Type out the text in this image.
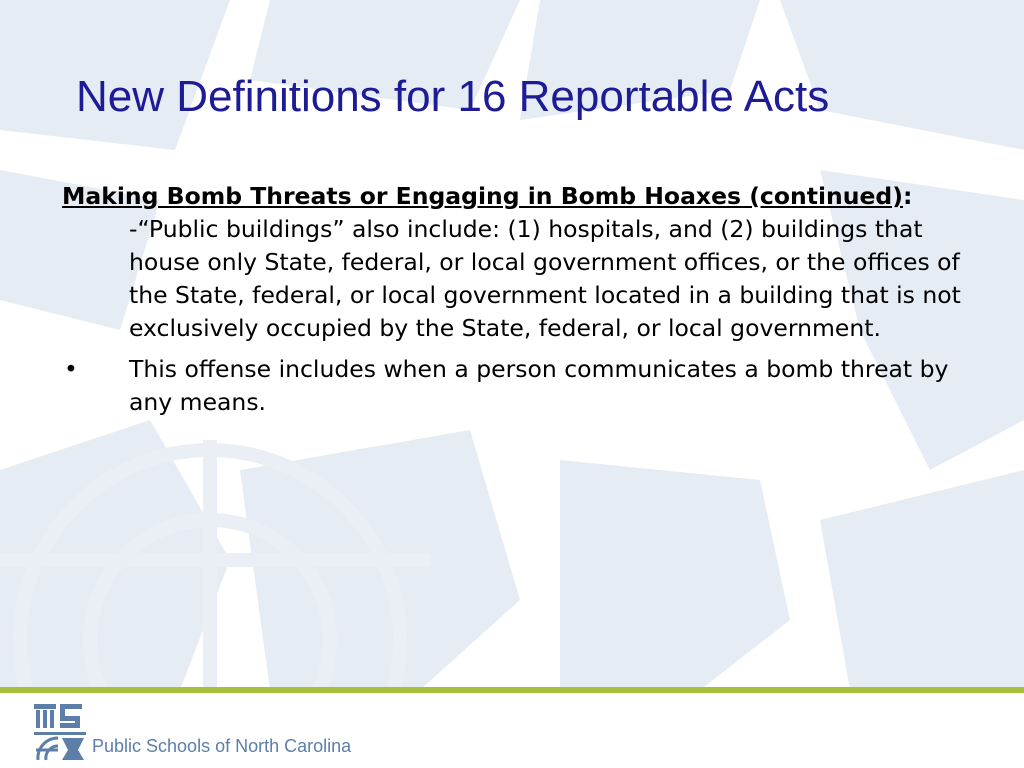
New Definitions for 16 Reportable Acts

Making Bomb Threats or Engaging in Bomb Hoaxes (continued):

-“Public buildings” also include: (1) hospitals, and (2) buildings that house only State, federal, or local government offices, or the offices of the State, federal, or local government located in a building that is not exclusively occupied by the State, federal, or local government.

•	This offense includes when a person communicates a bomb threat by any means.
Public Schools of North Carolina
